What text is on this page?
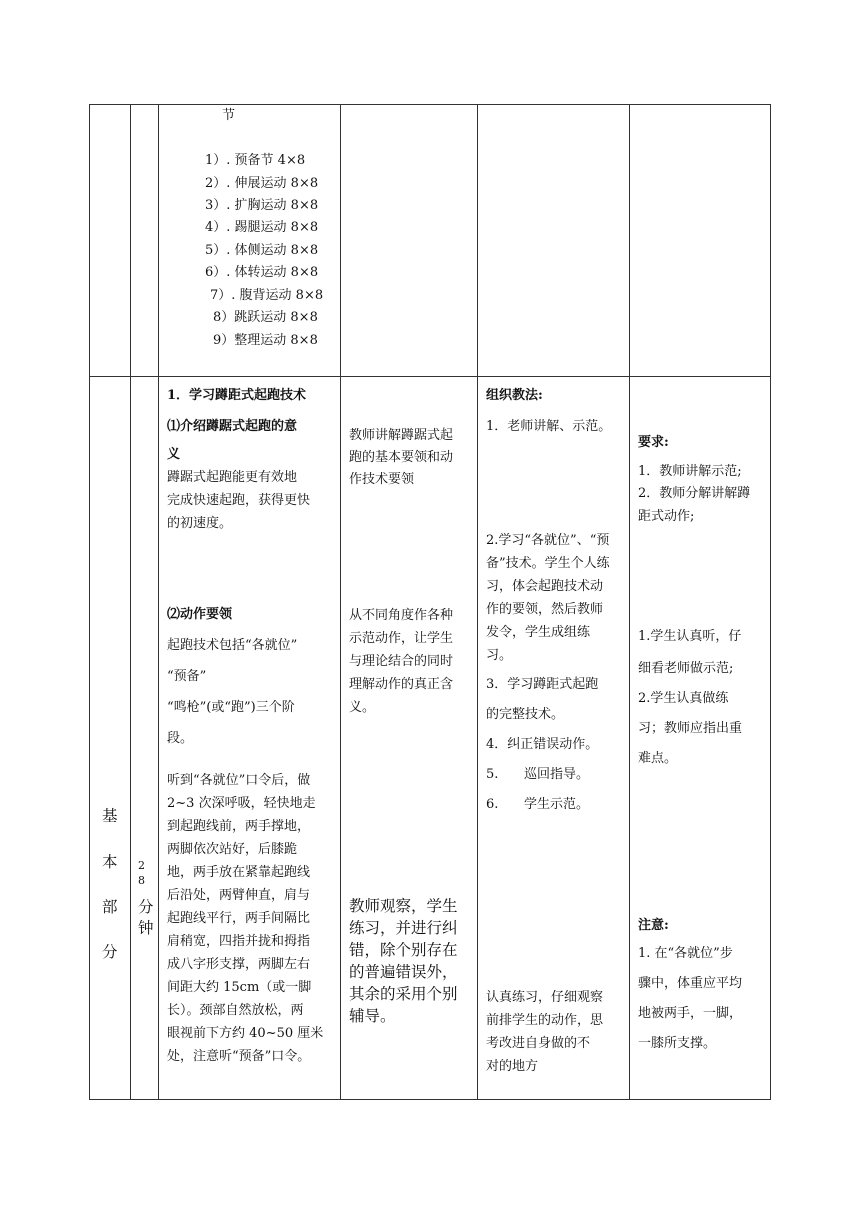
节
1）. 预备节 4×8
2）. 伸展运动 8×8
3）. 扩胸运动 8×8
4）. 踢腿运动 8×8
5）. 体侧运动 8×8
6）. 体转运动 8×8
7）. 腹背运动 8×8
8）跳跃运动 8×8
9）整理运动 8×8
基
本
部
分
28
分
钟
1．学习蹲距式起跑技术
⑴介绍蹲踞式起跑的意
义
蹲踞式起跑能更有效地
完成快速起跑，获得更快
的初速度。
⑵动作要领
起跑技术包括“各就位”
“预备”
“鸣枪”(或“跑”)三个阶
段。
听到“各就位”口令后，做
2~3 次深呼吸，轻快地走
到起跑线前，两手撑地，
两脚依次站好，后膝跪
地，两手放在紧靠起跑线
后沿处，两臂伸直，肩与
起跑线平行，两手间隔比
肩稍宽，四指并拢和拇指
成八字形支撑，两脚左右
间距大约 15cm（或一脚
长）。颈部自然放松，两
眼视前下方约 40~50 厘米
处，注意听“预备”口令。
教师讲解蹲踞式起
跑的基本要领和动
作技术要领
从不同角度作各种
示范动作，让学生
与理论结合的同时
理解动作的真正含
义。
教师观察，学生
练习，并进行纠
错，除个别存在
的普遍错误外，
其余的采用个别
辅导。
组织教法:
1．老师讲解、示范。
2.学习“各就位”、“预
备”技术。学生个人练
习，体会起跑技术动
作的要领，然后教师
发令，学生成组练
习。
3．学习蹲距式起跑
的完整技术。
4．纠正错误动作。
5. 巡回指导。
6. 学生示范。
认真练习，仔细观察
前排学生的动作，思
考改进自身做的不
对的地方
要求:
1．教师讲解示范;
2．教师分解讲解蹲
距式动作;
1.学生认真听，仔
细看老师做示范;
2.学生认真做练
习；教师应指出重
难点。
注意:
1. 在“各就位”步
骤中，体重应平均
地被两手，一脚，
一膝所支撑。
